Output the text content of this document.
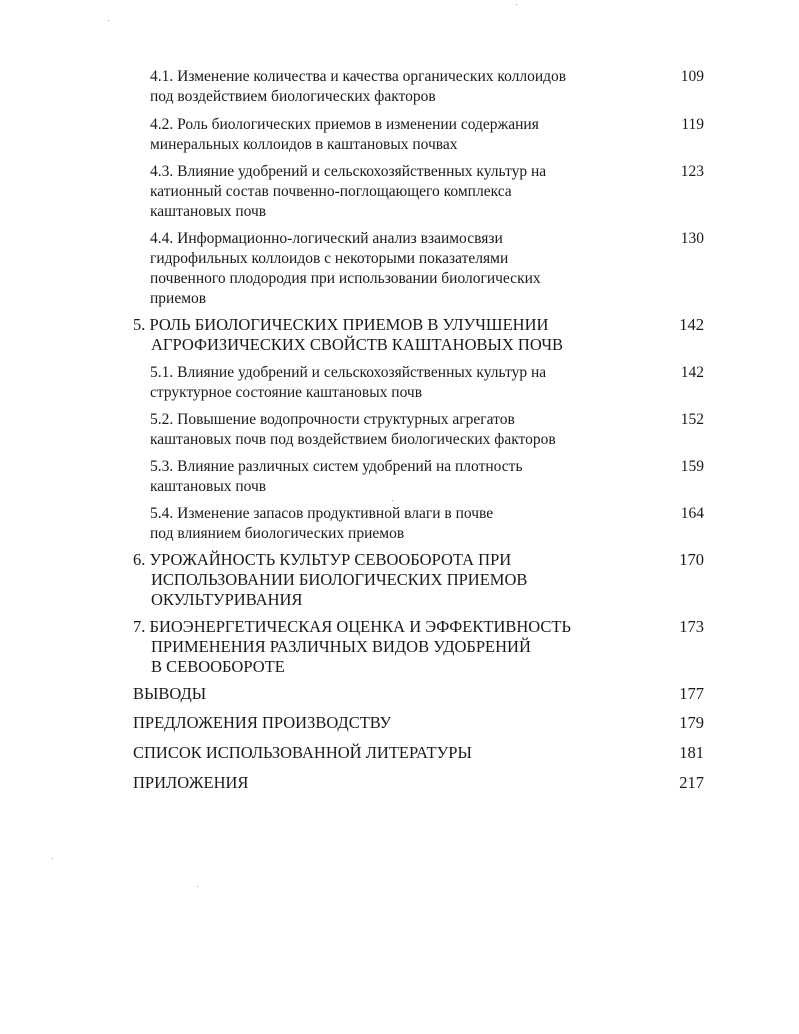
4.1. Изменение количества и качества органических коллоидов
под воздействием биологических факторов
109
4.2. Роль биологических приемов в изменении содержания
минеральных коллоидов в каштановых почвах
119
4.3. Влияние удобрений и сельскохозяйственных культур на
катионный состав почвенно-поглощающего комплекса
каштановых почв
123
4.4. Информационно-логический анализ взаимосвязи
гидрофильных коллоидов с некоторыми показателями
почвенного плодородия при использовании биологических
приемов
130
5. РОЛЬ БИОЛОГИЧЕСКИХ ПРИЕМОВ В УЛУЧШЕНИИ
АГРОФИЗИЧЕСКИХ СВОЙСТВ КАШТАНОВЫХ ПОЧВ
142
5.1. Влияние удобрений и сельскохозяйственных культур на
структурное состояние каштановых почв
142
5.2. Повышение водопрочности структурных агрегатов
каштановых почв под воздействием биологических факторов
152
5.3. Влияние различных систем удобрений на плотность
каштановых почв
159
5.4. Изменение запасов продуктивной влаги в почве
под влиянием биологических приемов
164
6. УРОЖАЙНОСТЬ КУЛЬТУР СЕВООБОРОТА ПРИ
ИСПОЛЬЗОВАНИИ БИОЛОГИЧЕСКИХ ПРИЕМОВ
ОКУЛЬТУРИВАНИЯ
170
7. БИОЭНЕРГЕТИЧЕСКАЯ ОЦЕНКА И ЭФФЕКТИВНОСТЬ
ПРИМЕНЕНИЯ РАЗЛИЧНЫХ ВИДОВ УДОБРЕНИЙ
В СЕВООБОРОТЕ
173
ВЫВОДЫ	177
ПРЕДЛОЖЕНИЯ ПРОИЗВОДСТВУ	179
СПИСОК ИСПОЛЬЗОВАННОЙ ЛИТЕРАТУРЫ	181
ПРИЛОЖЕНИЯ	217
